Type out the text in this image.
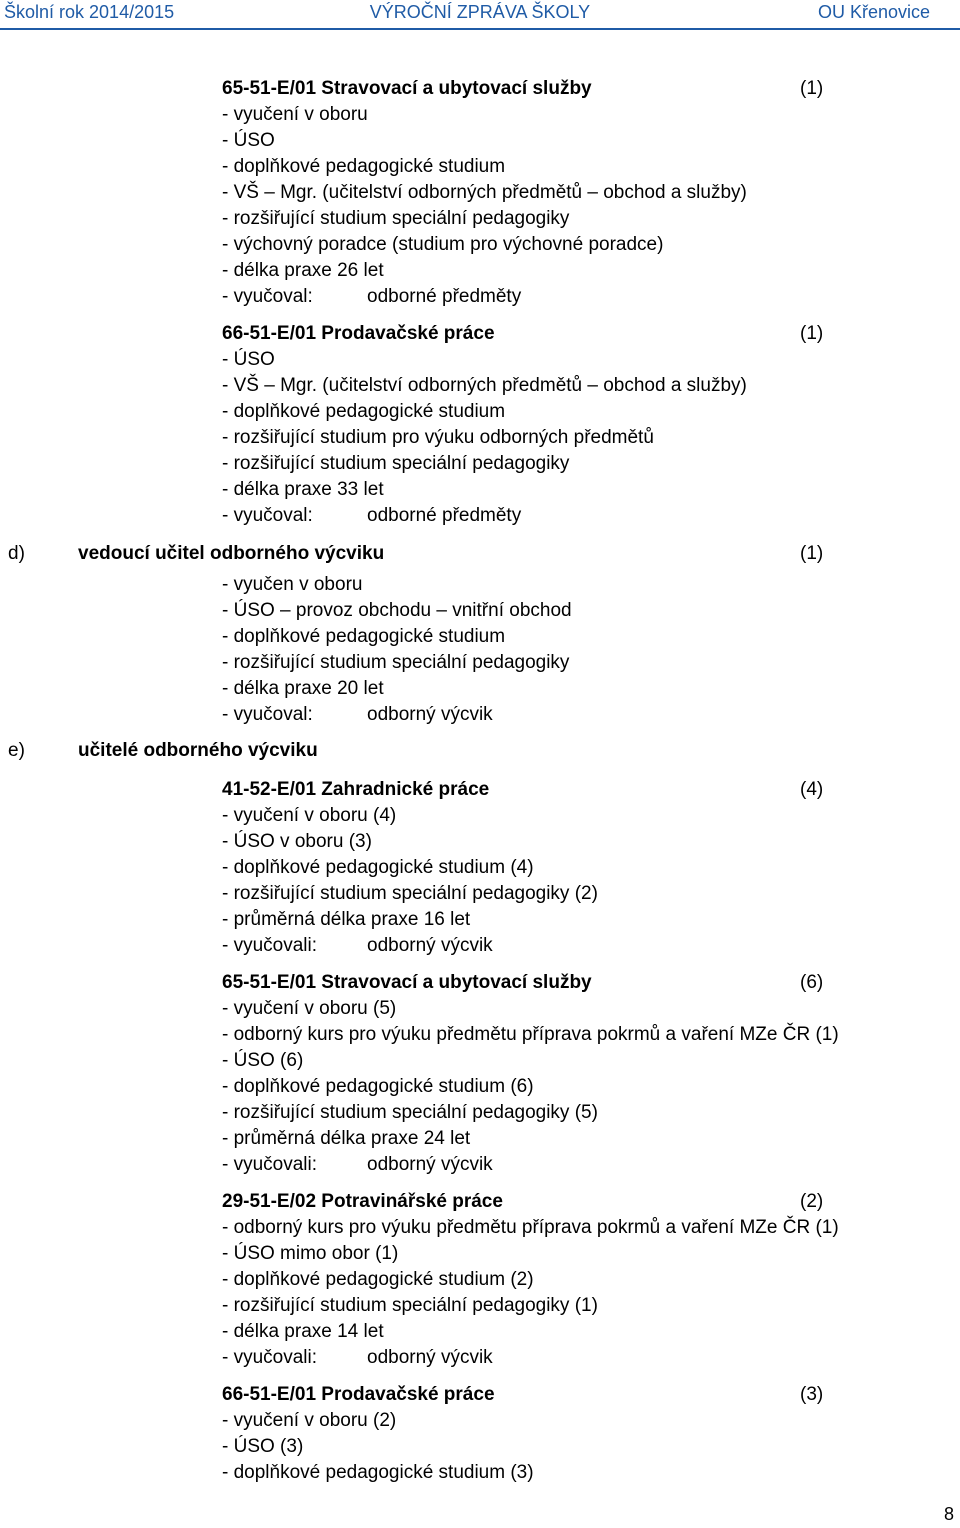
Školní rok 2014/2015	VÝROČNÍ ZPRÁVA ŠKOLY	OU Křenovice
65-51-E/01 Stravovací a ubytovací služby	(1)
- vyučení v oboru
- ÚSO
- doplňkové pedagogické studium
- VŠ – Mgr. (učitelství odborných předmětů – obchod a služby)
- rozšiřující studium speciální pedagogiky
- výchovný poradce (studium pro výchovné poradce)
- délka praxe 26 let
- vyučoval:	odborné předměty
66-51-E/01 Prodavačské práce	(1)
- ÚSO
- VŠ – Mgr. (učitelství odborných předmětů – obchod a služby)
- doplňkové pedagogické studium
- rozšiřující studium pro výuku odborných předmětů
- rozšiřující studium speciální pedagogiky
- délka praxe 33 let
- vyučoval:	odborné předměty
d)	vedoucí učitel odborného výcviku	(1)
- vyučen v oboru
- ÚSO – provoz obchodu – vnitřní obchod
- doplňkové pedagogické studium
- rozšiřující studium speciální pedagogiky
- délka praxe 20 let
- vyučoval:	odborný výcvik
e)	učitelé odborného výcviku
41-52-E/01 Zahradnické práce	(4)
- vyučení v oboru (4)
- ÚSO v oboru (3)
- doplňkové pedagogické studium (4)
- rozšiřující studium speciální pedagogiky (2)
- průměrná délka praxe 16 let
- vyučovali:	odborný výcvik
65-51-E/01 Stravovací a ubytovací služby	(6)
- vyučení v oboru (5)
- odborný kurs pro výuku předmětu příprava pokrmů a vaření MZe ČR (1)
- ÚSO (6)
- doplňkové pedagogické studium (6)
- rozšiřující studium speciální pedagogiky (5)
- průměrná délka praxe 24 let
- vyučovali:	odborný výcvik
29-51-E/02 Potravinářské práce	(2)
- odborný kurs pro výuku předmětu příprava pokrmů a vaření MZe ČR (1)
- ÚSO mimo obor (1)
- doplňkové pedagogické studium (2)
- rozšiřující studium speciální pedagogiky (1)
- délka praxe 14 let
- vyučovali:	odborný výcvik
66-51-E/01 Prodavačské práce	(3)
- vyučení v oboru (2)
- ÚSO (3)
- doplňkové pedagogické studium (3)
8
